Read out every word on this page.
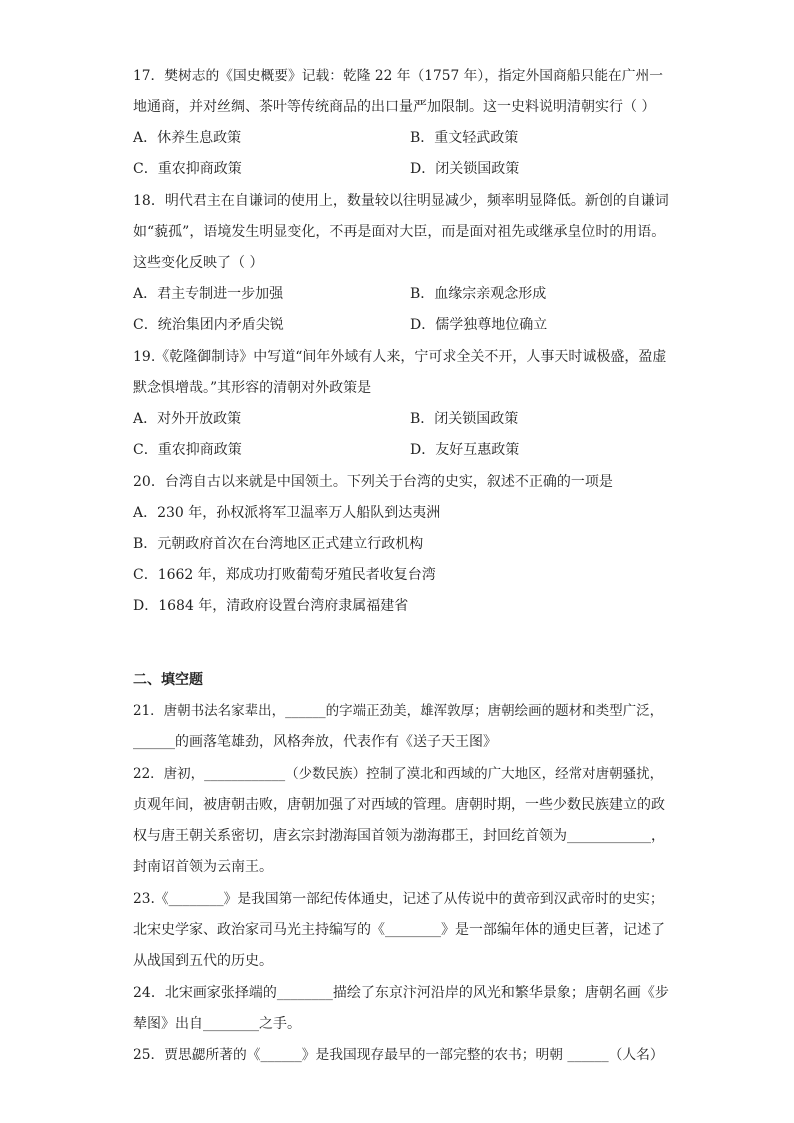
17．樊树志的《国史概要》记载：乾隆 22 年（1757 年），指定外国商船只能在广州一
地通商，并对丝绸、茶叶等传统商品的出口量严加限制。这一史料说明清朝实行（ ）
A．休养生息政策	B．重文轻武政策
C．重农抑商政策	D．闭关锁国政策
18．明代君主在自谦词的使用上，数量较以往明显减少，频率明显降低。新创的自谦词
如“藐孤”，语境发生明显变化，不再是面对大臣，而是面对祖先或继承皇位时的用语。
这些变化反映了（ ）
A．君主专制进一步加强	B．血缘宗亲观念形成
C．统治集团内矛盾尖锐	D．儒学独尊地位确立
19.《乾隆御制诗》中写道“间年外域有人来，宁可求全关不开，人事天时诚极盛，盈虚
默念惧增哉。”其形容的清朝对外政策是
A．对外开放政策	B．闭关锁国政策
C．重农抑商政策	D．友好互惠政策
20．台湾自古以来就是中国领土。下列关于台湾的史实，叙述不正确的一项是
A．230 年，孙权派将军卫温率万人船队到达夷洲
B．元朝政府首次在台湾地区正式建立行政机构
C．1662 年，郑成功打败葡萄牙殖民者收复台湾
D．1684 年，清政府设置台湾府隶属福建省
二、填空题
21．唐朝书法名家辈出，______的字端正劲美，雄浑敦厚；唐朝绘画的题材和类型广泛，
______的画落笔雄劲，风格奔放，代表作有《送子天王图》
22．唐初，____________（少数民族）控制了漠北和西域的广大地区，经常对唐朝骚扰，
贞观年间，被唐朝击败，唐朝加强了对西域的管理。唐朝时期，一些少数民族建立的政
权与唐王朝关系密切，唐玄宗封渤海国首领为渤海郡王，封回纥首领为____________，
封南诏首领为云南王。
23.《________》是我国第一部纪传体通史，记述了从传说中的黄帝到汉武帝时的史实；
北宋史学家、政治家司马光主持编写的《________》是一部编年体的通史巨著，记述了
从战国到五代的历史。
24．北宋画家张择端的________描绘了东京汴河沿岸的风光和繁华景象；唐朝名画《步
辇图》出自________之手。
25．贾思勰所著的《______》是我国现存最早的一部完整的农书；明朝 ______（人名）
